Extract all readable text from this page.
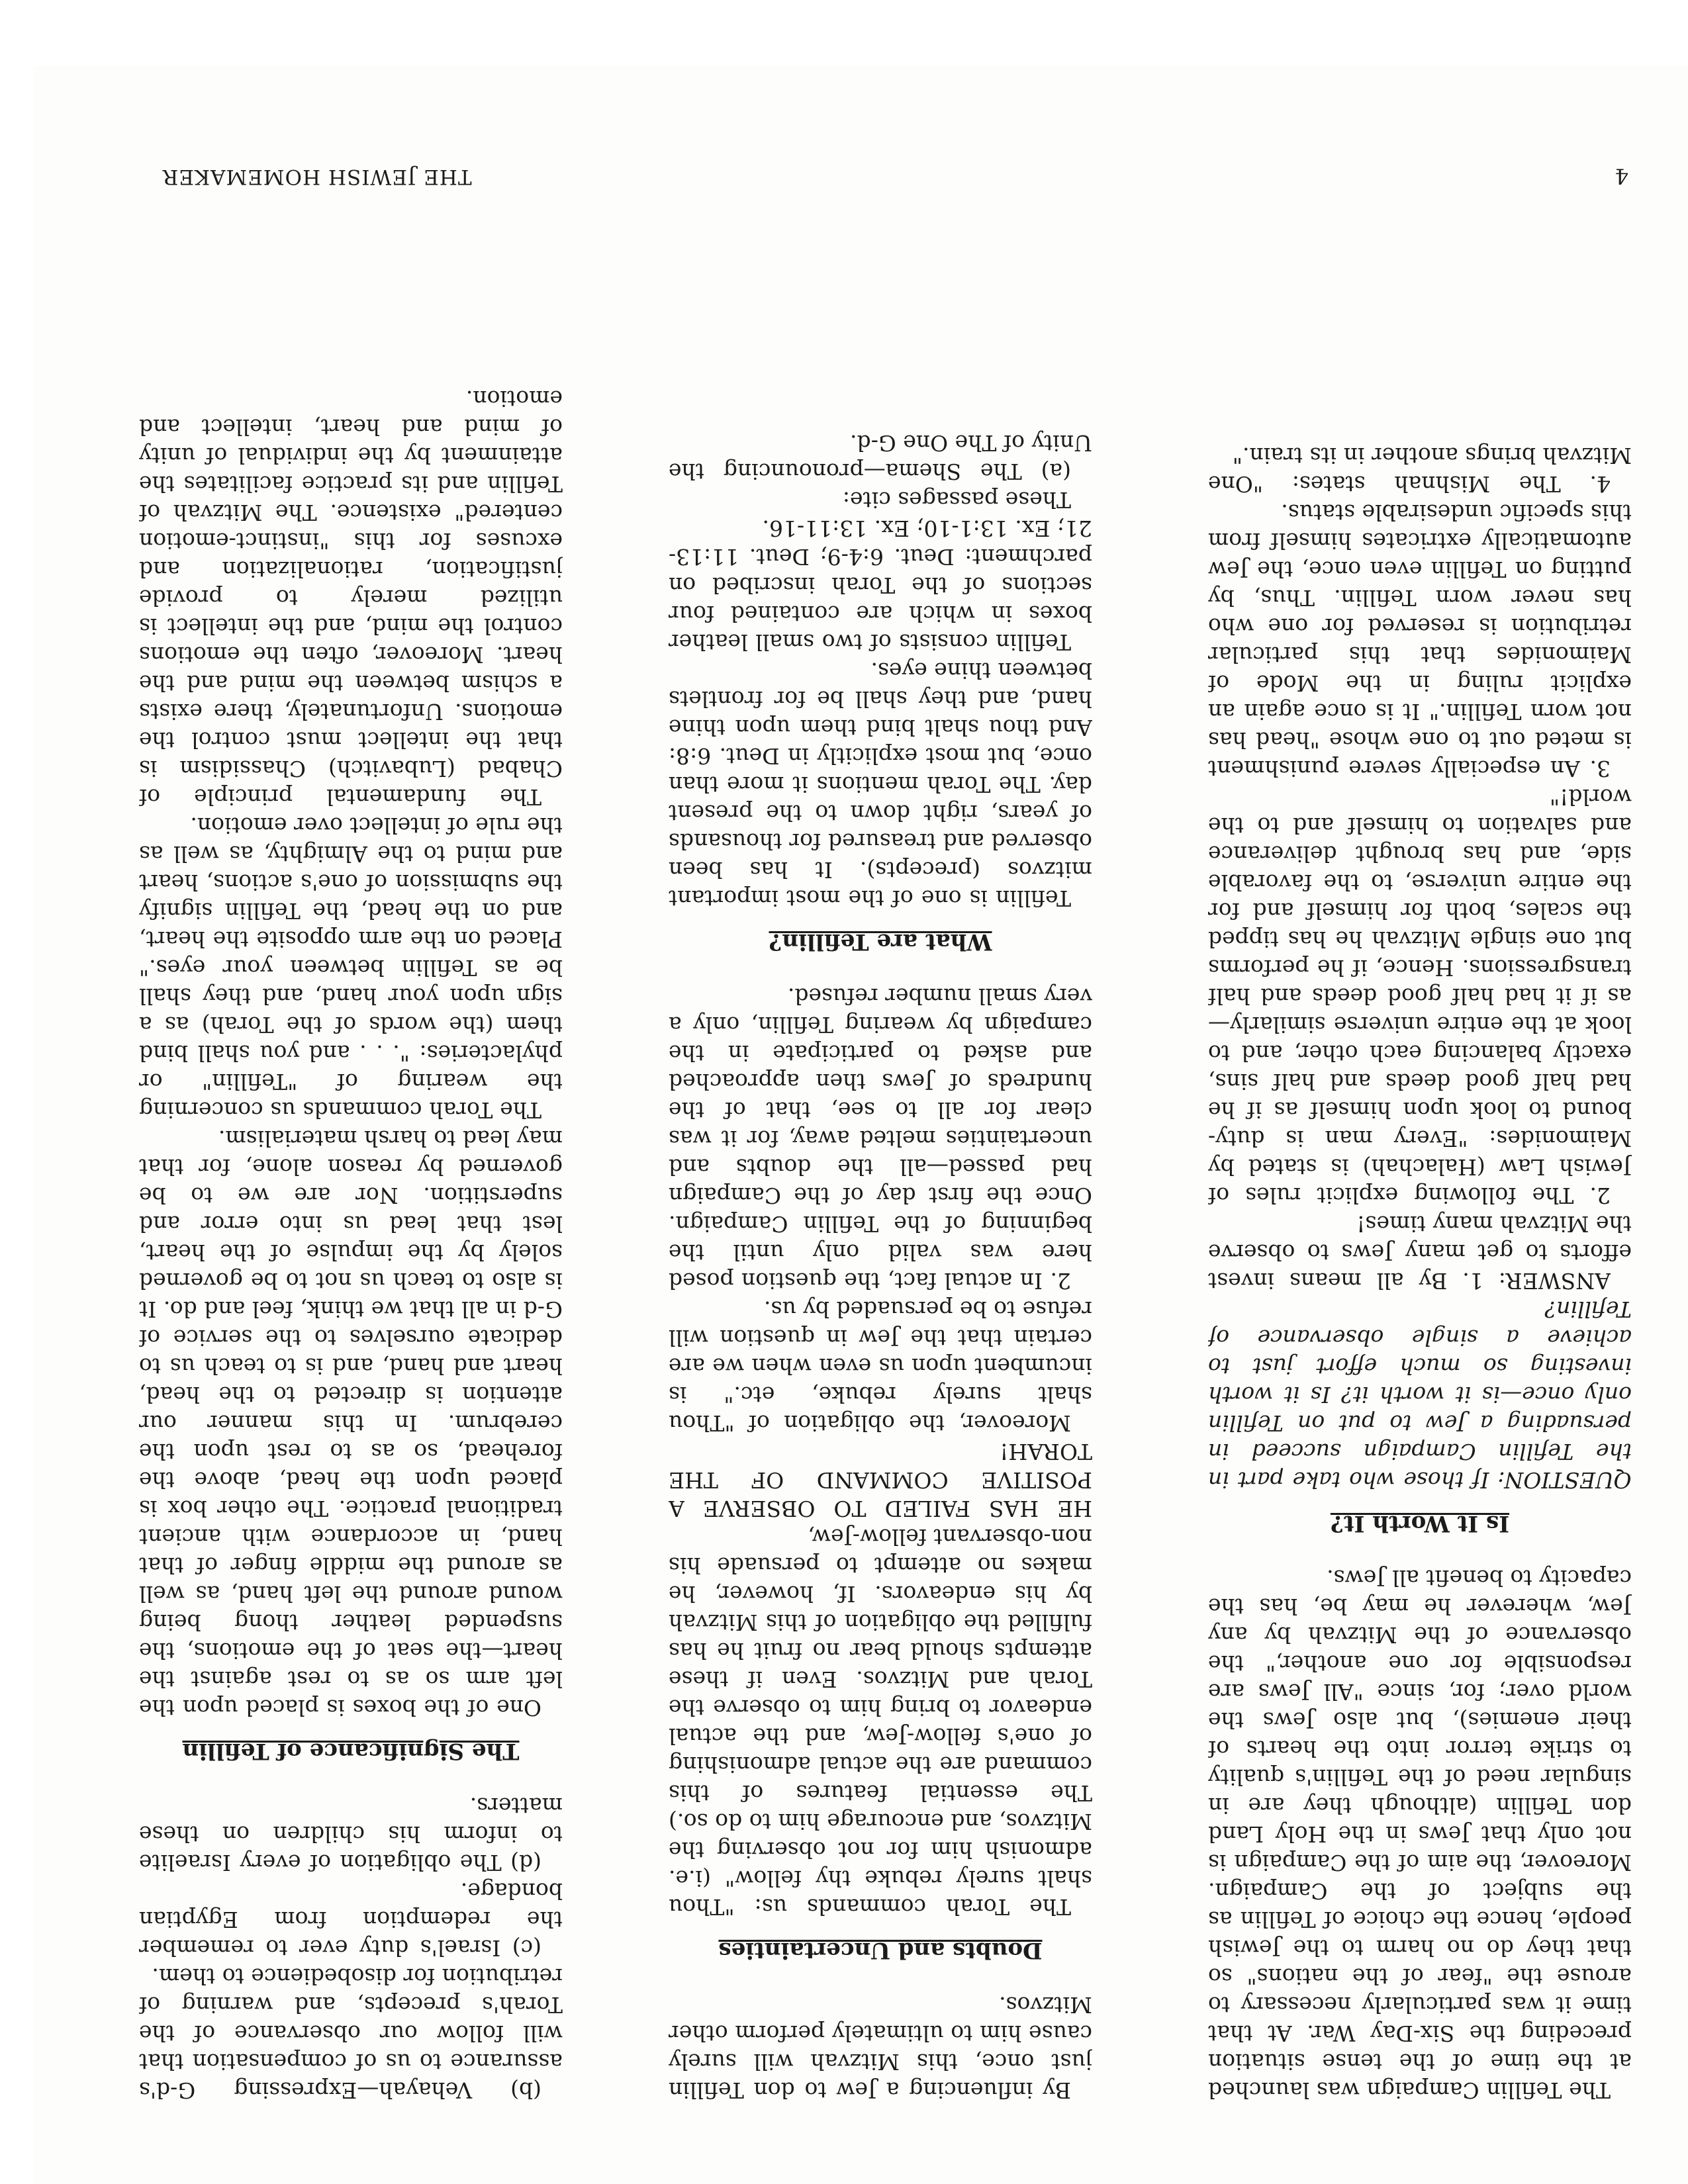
4
THE JEWISH HOMEMAKER

The Tefillin Campaign was launched at the time of the tense situation preceding the Six-Day War. At that time it was particularly necessary to arouse the "fear of the nations" so that they do no harm to the Jewish people, hence the choice of Tefillin as the subject of the Campaign. Moreover, the aim of the Campaign is not only that Jews in the Holy Land don Tefillin (although they are in singular need of the Tefillin's quality to strike terror into the hearts of their enemies), but also Jews the world over; for, since "All Jews are responsible for one another," the observance of the Mitzvah by any Jew, wherever he may be, has the capacity to benefit all Jews.

Is It Worth It?

QUESTION: If those who take part in the Tefillin Campaign succeed in persuading a Jew to put on Tefillin only once—is it worth it? Is it worth investing so much effort just to achieve a single observance of Tefillin?

ANSWER: 1. By all means invest efforts to get many Jews to observe the Mitzvah many times!

2. The following explicit rules of Jewish Law (Halachah) is stated by Maimonides: "Every man is duty-bound to look upon himself as if he had half good deeds and half sins, exactly balancing each other, and to look at the entire universe similarly—as if it had half good deeds and half transgressions. Hence, if he performs but one single Mitzvah he has tipped the scales, both for himself and for the entire universe, to the favorable side, and has brought deliverance and salvation to himself and to the world!"

3. An especially severe punishment is meted out to one whose "head has not worn Tefillin." It is once again an explicit ruling in the Mode of Maimonides that this particular retribution is reserved for one who has never worn Tefillin. Thus, by putting on Tefillin even once, the Jew automatically extricates himself from this specific undesirable status.

4. The Mishnah states: "One Mitzvah brings another in its train."

By influencing a Jew to don Tefillin just once, this Mitzvah will surely cause him to ultimately perform other Mitzvos.

Doubts and Uncertainties

The Torah commands us: "Thou shalt surely rebuke thy fellow" (i.e. admonish him for not observing the Mitzvos, and encourage him to do so.) The essential features of this command are the actual admonishing of one's fellow-Jew, and the actual endeavor to bring him to observe the Torah and Mitzvos. Even if these attempts should bear no fruit he has fulfilled the obligation of this Mitzvah by his endeavors. If, however, he makes no attempt to persuade his non-observant fellow-Jew,

HE HAS FAILED TO OBSERVE A POSITIVE COMMAND OF THE TORAH!

Moreover, the obligation of "Thou shalt surely rebuke, etc." is incumbent upon us even when we are certain that the Jew in question will refuse to be persuaded by us.

2. In actual fact, the question posed here was valid only until the beginning of the Tefillin Campaign. Once the first day of the Campaign had passed—all the doubts and uncertainties melted away, for it was clear for all to see, that of the hundreds of Jews then approached and asked to participate in the campaign by wearing Tefillin, only a very small number refused.

What are Tefillin?

Tefillin is one of the most important mitzvos (precepts). It has been observed and treasured for thousands of years, right down to the present day. The Torah mentions it more than once, but most explicitly in Deut. 6:8: And thou shalt bind them upon thine hand, and they shall be for frontlets between thine eyes.

Tefillin consists of two small leather boxes in which are contained four sections of the Torah inscribed on parchment: Deut. 6:4-9; Deut. 11:13-21; Ex. 13:1-10; Ex. 13:11-16.

These passages cite:

(a) The Shema—pronouncing the Unity of The One G-d.

(b) Vehayah—Expressing G-d's assurance to us of compensation that will follow our observance of the Torah's precepts, and warning of retribution for disobedience to them.

(c) Israel's duty ever to remember the redemption from Egyptian bondage.

(d) The obligation of every Israelite to inform his children on these matters.

The Significance of Tefillin

One of the boxes is placed upon the left arm so as to rest against the heart—the seat of the emotions, the suspended leather thong being wound around the left hand, as well as around the middle finger of that hand, in accordance with ancient traditional practice. The other box is placed upon the head, above the forehead, so as to rest upon the cerebrum. In this manner our attention is directed to the head, heart and hand, and is to teach us to dedicate ourselves to the service of G-d in all that we think, feel and do. It is also to teach us not to be governed solely by the impulse of the heart, lest that lead us into error and superstition. Nor are we to be governed by reason alone, for that may lead to harsh materialism.

The Torah commands us concerning the wearing of "Tefillin" or phylacteries: ". . . and you shall bind them (the words of the Torah) as a sign upon your hand, and they shall be as Tefillin between your eyes." Placed on the arm opposite the heart, and on the head, the Tefillin signify the submission of one's actions, heart and mind to the Almighty, as well as the rule of intellect over emotion.

The fundamental principle of Chabad (Lubavitch) Chassidism is that the intellect must control the emotions. Unfortunately, there exists a schism between the mind and the heart. Moreover, often the emotions control the mind, and the intellect is utilized merely to provide justification, rationalization and excuses for this "instinct-emotion centered" existence. The Mitzvah of Tefillin and its practice facilitates the attainment by the individual of unity of mind and heart, intellect and emotion.
